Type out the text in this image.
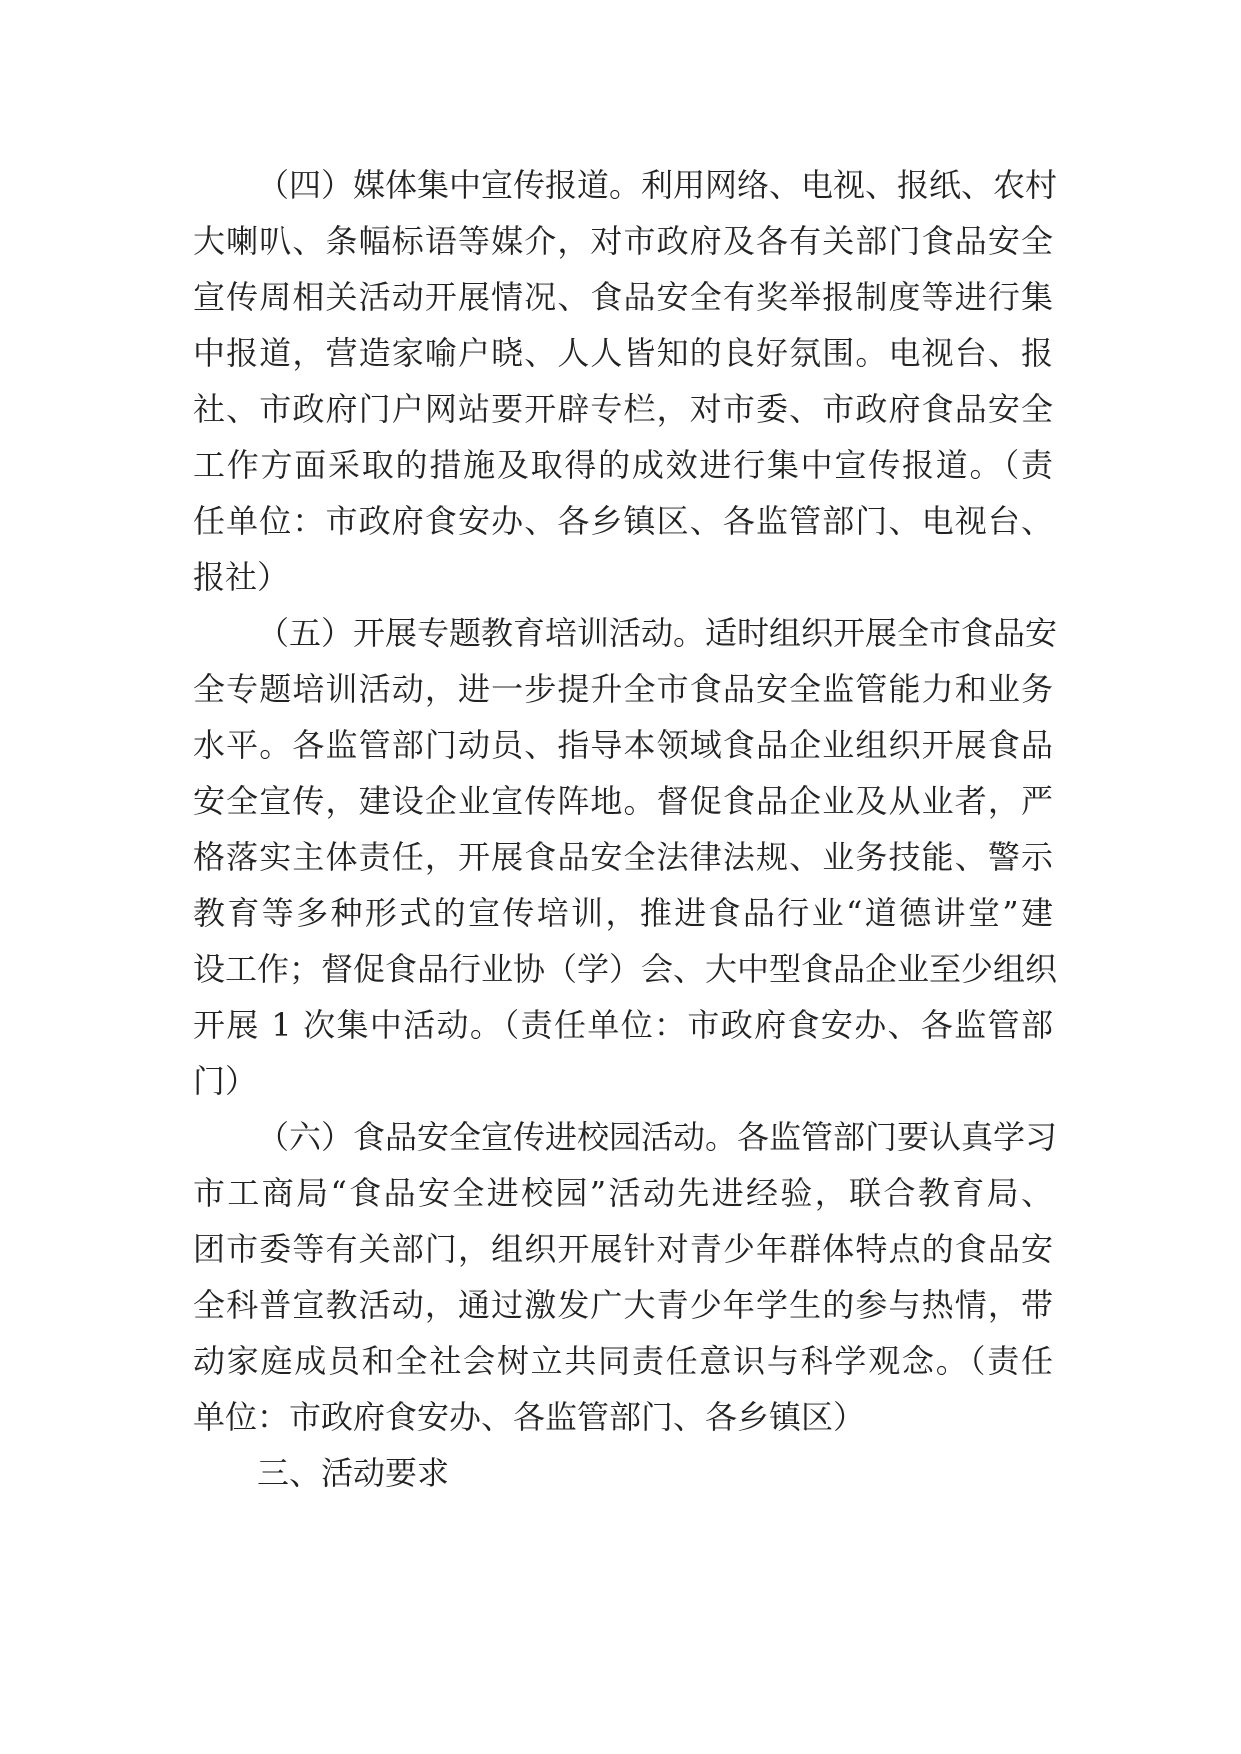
（四）媒体集中宣传报道。利用网络、电视、报纸、农村
大喇叭、条幅标语等媒介，对市政府及各有关部门食品安全
宣传周相关活动开展情况、食品安全有奖举报制度等进行集
中报道，营造家喻户晓、人人皆知的良好氛围。电视台、报
社、市政府门户网站要开辟专栏，对市委、市政府食品安全
工作方面采取的措施及取得的成效进行集中宣传报道。（责
任单位：市政府食安办、各乡镇区、各监管部门、电视台、
报社）
（五）开展专题教育培训活动。适时组织开展全市食品安
全专题培训活动，进一步提升全市食品安全监管能力和业务
水平。各监管部门动员、指导本领域食品企业组织开展食品
安全宣传，建设企业宣传阵地。督促食品企业及从业者，严
格落实主体责任，开展食品安全法律法规、业务技能、警示
教育等多种形式的宣传培训，推进食品行业“道德讲堂”建
设工作；督促食品行业协（学）会、大中型食品企业至少组织
开展 1 次集中活动。（责任单位：市政府食安办、各监管部
门）
（六）食品安全宣传进校园活动。各监管部门要认真学习
市工商局“食品安全进校园”活动先进经验，联合教育局、
团市委等有关部门，组织开展针对青少年群体特点的食品安
全科普宣教活动，通过激发广大青少年学生的参与热情，带
动家庭成员和全社会树立共同责任意识与科学观念。（责任
单位：市政府食安办、各监管部门、各乡镇区）
三、活动要求
